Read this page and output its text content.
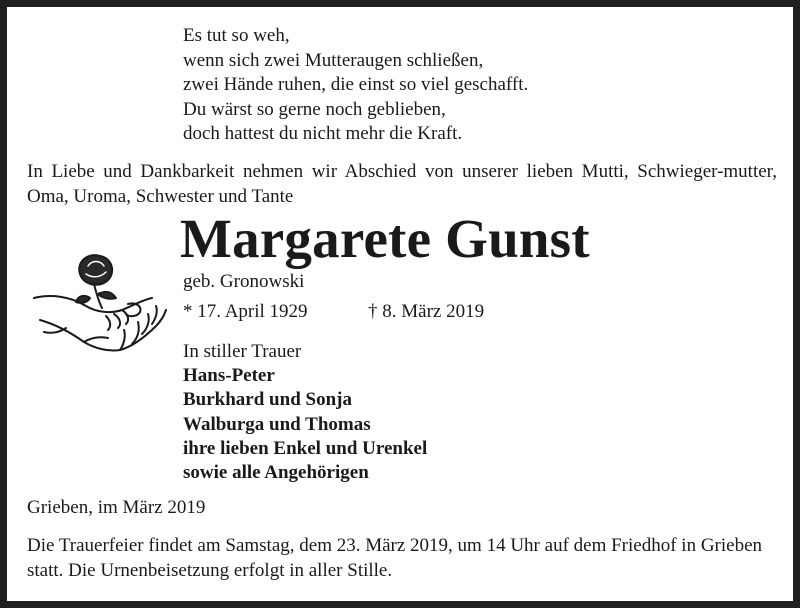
Es tut so weh,
wenn sich zwei Mutteraugen schließen,
zwei Hände ruhen, die einst so viel geschafft.
Du wärst so gerne noch geblieben,
doch hattest du nicht mehr die Kraft.
In Liebe und Dankbarkeit nehmen wir Abschied von unserer lieben Mutti, Schwieger-mutter, Oma, Uroma, Schwester und Tante
Margarete Gunst
geb. Gronowski
* 17. April 1929	† 8. März 2019
In stiller Trauer
Hans-Peter
Burkhard und Sonja
Walburga und Thomas
ihre lieben Enkel und Urenkel
sowie alle Angehörigen
Grieben, im März 2019
Die Trauerfeier findet am Samstag, dem 23. März 2019, um 14 Uhr auf dem Friedhof in Grieben statt. Die Urnenbeisetzung erfolgt in aller Stille.
